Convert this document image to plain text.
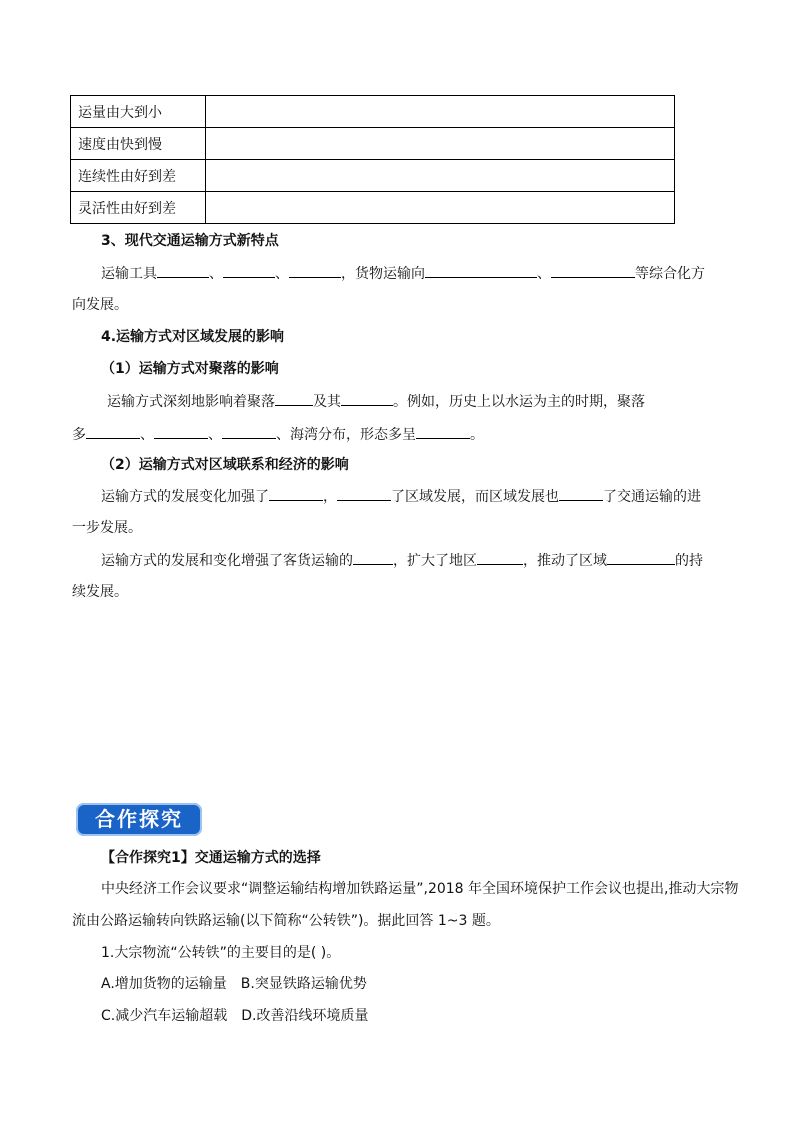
运量由大到小	
速度由快到慢	
连续性由好到差	
灵活性由好到差	
3、现代交通运输方式新特点
运输工具	、	、	，货物运输向	、	等综合化方
向发展。
4.运输方式对区域发展的影响
（1）运输方式对聚落的影响
运输方式深刻地影响着聚落	及其	。例如，历史上以水运为主的时期，聚落
多	、	、	、海湾分布，形态多呈	。
（2）运输方式对区域联系和经济的影响
运输方式的发展变化加强了	，	了区域发展，而区域发展也	了交通运输的进
一步发展。
运输方式的发展和变化增强了客货运输的	，扩大了地区	，推动了区域	的持
续发展。
合作探究
【合作探究1】交通运输方式的选择
中央经济工作会议要求“调整运输结构增加铁路运量”,2018 年全国环境保护工作会议也提出,推动大宗物
流由公路运输转向铁路运输(以下简称“公转铁”)。据此回答 1~3 题。
1.大宗物流“公转铁”的主要目的是( )。
A.增加货物的运输量 B.突显铁路运输优势
C.减少汽车运输超载 D.改善沿线环境质量
